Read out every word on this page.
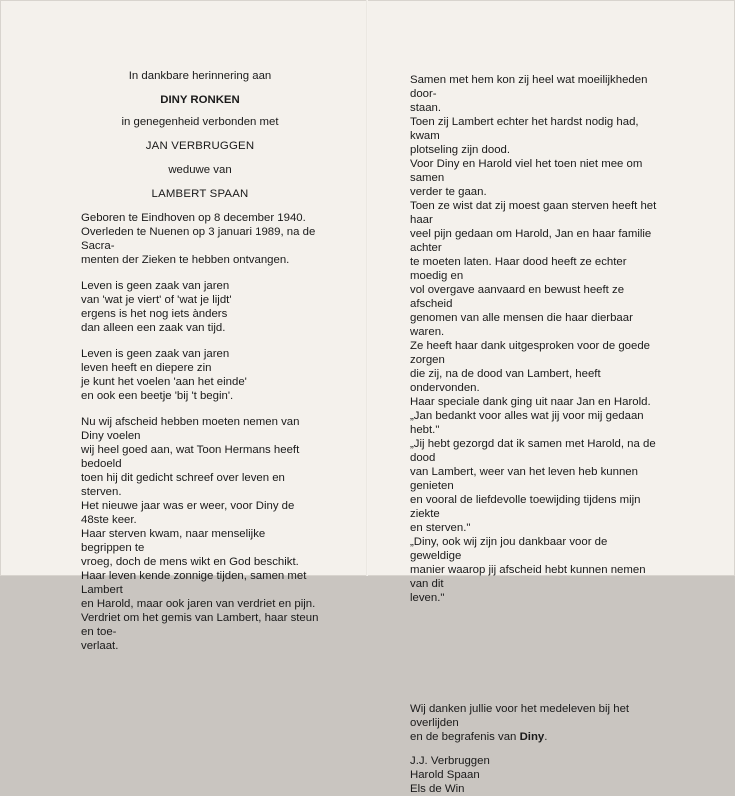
In dankbare herinnering aan
DINY RONKEN
in genegenheid verbonden met
JAN VERBRUGGEN
weduwe van
LAMBERT SPAAN
Geboren te Eindhoven op 8 december 1940.
Overleden te Nuenen op 3 januari 1989, na de Sacra-
menten der Zieken te hebben ontvangen.
Leven is geen zaak van jaren
van 'wat je viert' of 'wat je lijdt'
ergens is het nog iets ànders
dan alleen een zaak van tijd.
Leven is geen zaak van jaren
leven heeft en diepere zin
je kunt het voelen 'aan het einde'
en ook een beetje 'bij 't begin'.
Nu wij afscheid hebben moeten nemen van Diny voelen
wij heel goed aan, wat Toon Hermans heeft bedoeld
toen hij dit gedicht schreef over leven en sterven.
Het nieuwe jaar was er weer, voor Diny de 48ste keer.
Haar sterven kwam, naar menselijke begrippen te
vroeg, doch de mens wikt en God beschikt.
Haar leven kende zonnige tijden, samen met Lambert
en Harold, maar ook jaren van verdriet en pijn.
Verdriet om het gemis van Lambert, haar steun en toe-
verlaat.
Samen met hem kon zij heel wat moeilijkheden door-
staan.
Toen zij Lambert echter het hardst nodig had, kwam
plotseling zijn dood.
Voor Diny en Harold viel het toen niet mee om samen
verder te gaan.
Toen ze wist dat zij moest gaan sterven heeft het haar
veel pijn gedaan om Harold, Jan en haar familie achter
te moeten laten. Haar dood heeft ze echter moedig en
vol overgave aanvaard en bewust heeft ze afscheid
genomen van alle mensen die haar dierbaar waren.
Ze heeft haar dank uitgesproken voor de goede zorgen
die zij, na de dood van Lambert, heeft ondervonden.
Haar speciale dank ging uit naar Jan en Harold.
„Jan bedankt voor alles wat jij voor mij gedaan hebt."
„Jij hebt gezorgd dat ik samen met Harold, na de dood
van Lambert, weer van het leven heb kunnen genieten
en vooral de liefdevolle toewijding tijdens mijn ziekte
en sterven."
„Diny, ook wij zijn jou dankbaar voor de geweldige
manier waarop jij afscheid hebt kunnen nemen van dit
leven."
Wij danken jullie voor het medeleven bij het overlijden
en de begrafenis van Diny.
J.J. Verbruggen
Harold Spaan
Els de Win
